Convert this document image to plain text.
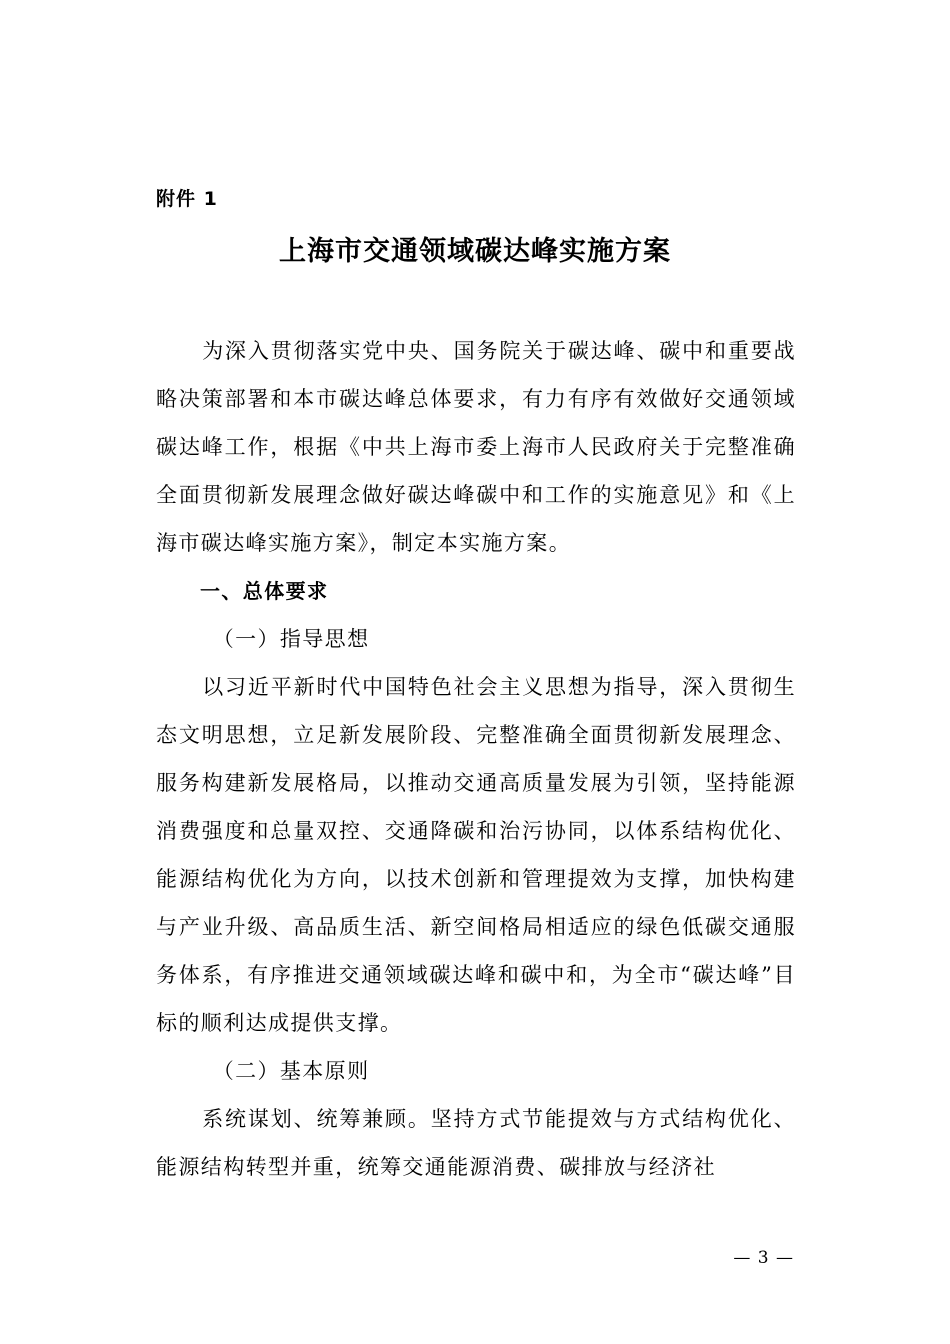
附件 1
上海市交通领域碳达峰实施方案

为深入贯彻落实党中央、国务院关于碳达峰、碳中和重要战略决策部署和本市碳达峰总体要求，有力有序有效做好交通领域碳达峰工作，根据《中共上海市委上海市人民政府关于完整准确全面贯彻新发展理念做好碳达峰碳中和工作的实施意见》和《上海市碳达峰实施方案》，制定本实施方案。

一、总体要求

（一）指导思想

以习近平新时代中国特色社会主义思想为指导，深入贯彻生态文明思想，立足新发展阶段、完整准确全面贯彻新发展理念、服务构建新发展格局，以推动交通高质量发展为引领，坚持能源消费强度和总量双控、交通降碳和治污协同，以体系结构优化、能源结构优化为方向，以技术创新和管理提效为支撑，加快构建与产业升级、高品质生活、新空间格局相适应的绿色低碳交通服务体系，有序推进交通领域碳达峰和碳中和，为全市“碳达峰”目标的顺利达成提供支撑。

（二）基本原则

系统谋划、统筹兼顾。坚持方式节能提效与方式结构优化、能源结构转型并重，统筹交通能源消费、碳排放与经济社

— 3 —
